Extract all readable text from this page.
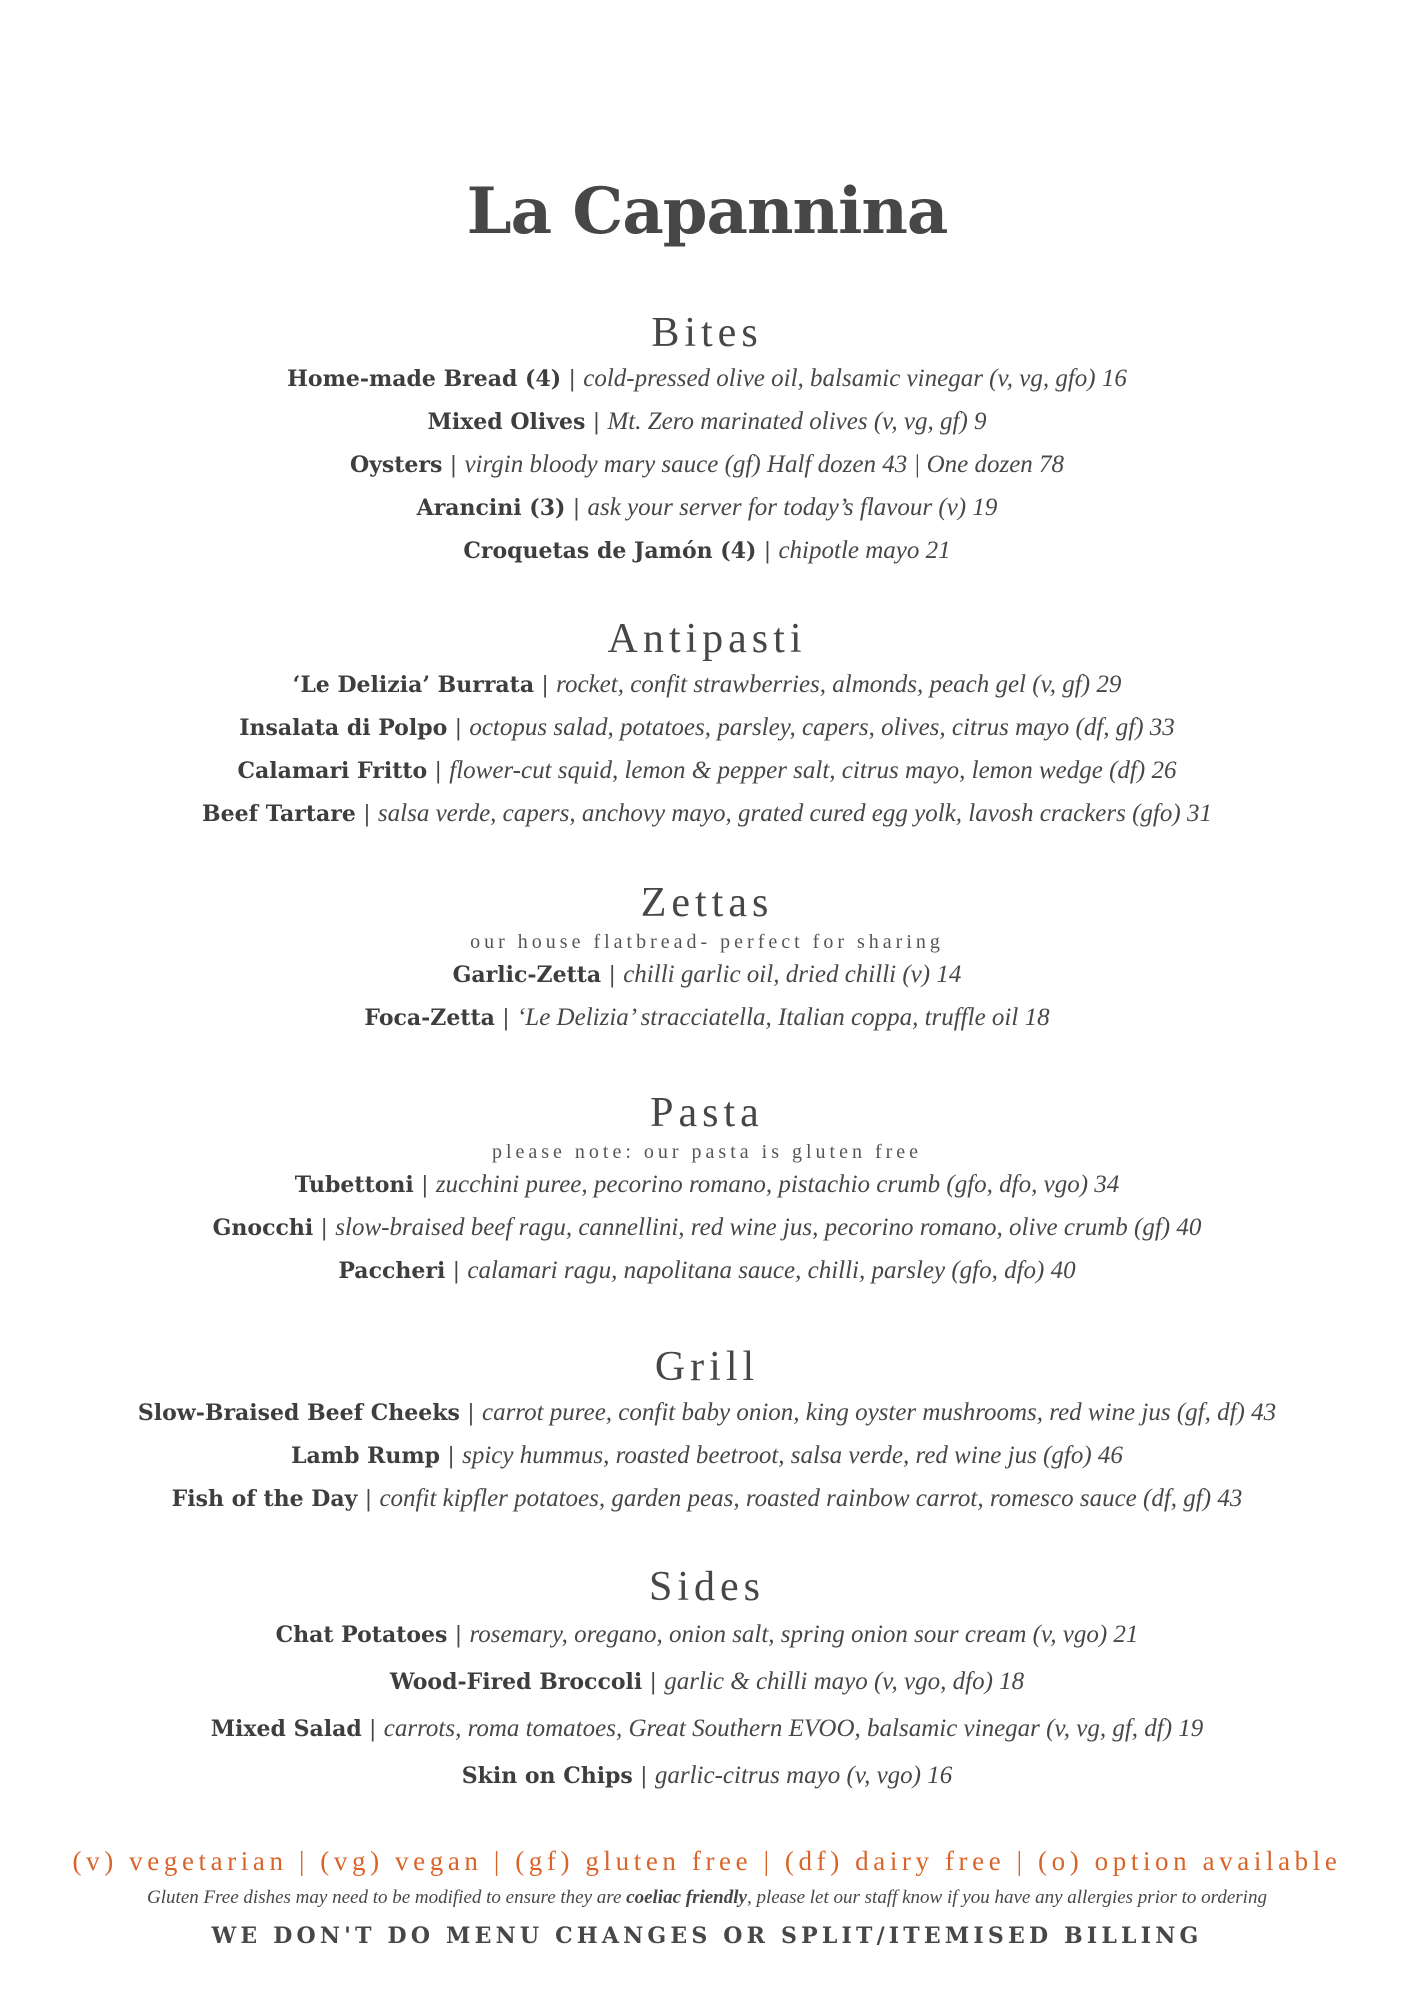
La Capannina
Bites

Home-made Bread (4) | cold-pressed olive oil, balsamic vinegar (v, vg, gfo) 16

Mixed Olives | Mt. Zero marinated olives (v, vg, gf) 9

Oysters | virgin bloody mary sauce (gf) Half dozen 43 | One dozen 78

Arancini (3) | ask your server for today’s flavour (v) 19

Croquetas de Jamón (4) | chipotle mayo 21

Antipasti

‘Le Delizia’ Burrata | rocket, confit strawberries, almonds, peach gel (v, gf) 29

Insalata di Polpo | octopus salad, potatoes, parsley, capers, olives, citrus mayo (df, gf) 33

Calamari Fritto | flower-cut squid, lemon & pepper salt, citrus mayo, lemon wedge (df) 26

Beef Tartare | salsa verde, capers, anchovy mayo, grated cured egg yolk, lavosh crackers (gfo) 31

Zettas

our house flatbread- perfect for sharing

Garlic-Zetta | chilli garlic oil, dried chilli (v) 14

Foca-Zetta | ‘Le Delizia’ stracciatella, Italian coppa, truffle oil 18

Pasta

please note: our pasta is gluten free

Tubettoni | zucchini puree, pecorino romano, pistachio crumb (gfo, dfo, vgo) 34

Gnocchi | slow-braised beef ragu, cannellini, red wine jus, pecorino romano, olive crumb (gf) 40

Paccheri | calamari ragu, napolitana sauce, chilli, parsley (gfo, dfo) 40

Grill

Slow-Braised Beef Cheeks | carrot puree, confit baby onion, king oyster mushrooms, red wine jus (gf, df) 43

Lamb Rump | spicy hummus, roasted beetroot, salsa verde, red wine jus (gfo) 46

Fish of the Day | confit kipfler potatoes, garden peas, roasted rainbow carrot, romesco sauce (df, gf) 43

Sides

Chat Potatoes | rosemary, oregano, onion salt, spring onion sour cream (v, vgo) 21

Wood-Fired Broccoli | garlic & chilli mayo (v, vgo, dfo) 18

Mixed Salad | carrots, roma tomatoes, Great Southern EVOO, balsamic vinegar (v, vg, gf, df) 19

Skin on Chips | garlic-citrus mayo (v, vgo) 16

(v) vegetarian | (vg) vegan | (gf) gluten free | (df) dairy free | (o) option available

Gluten Free dishes may need to be modified to ensure they are coeliac friendly, please let our staff know if you have any allergies prior to ordering

WE DON'T DO MENU CHANGES OR SPLIT/ITEMISED BILLING
